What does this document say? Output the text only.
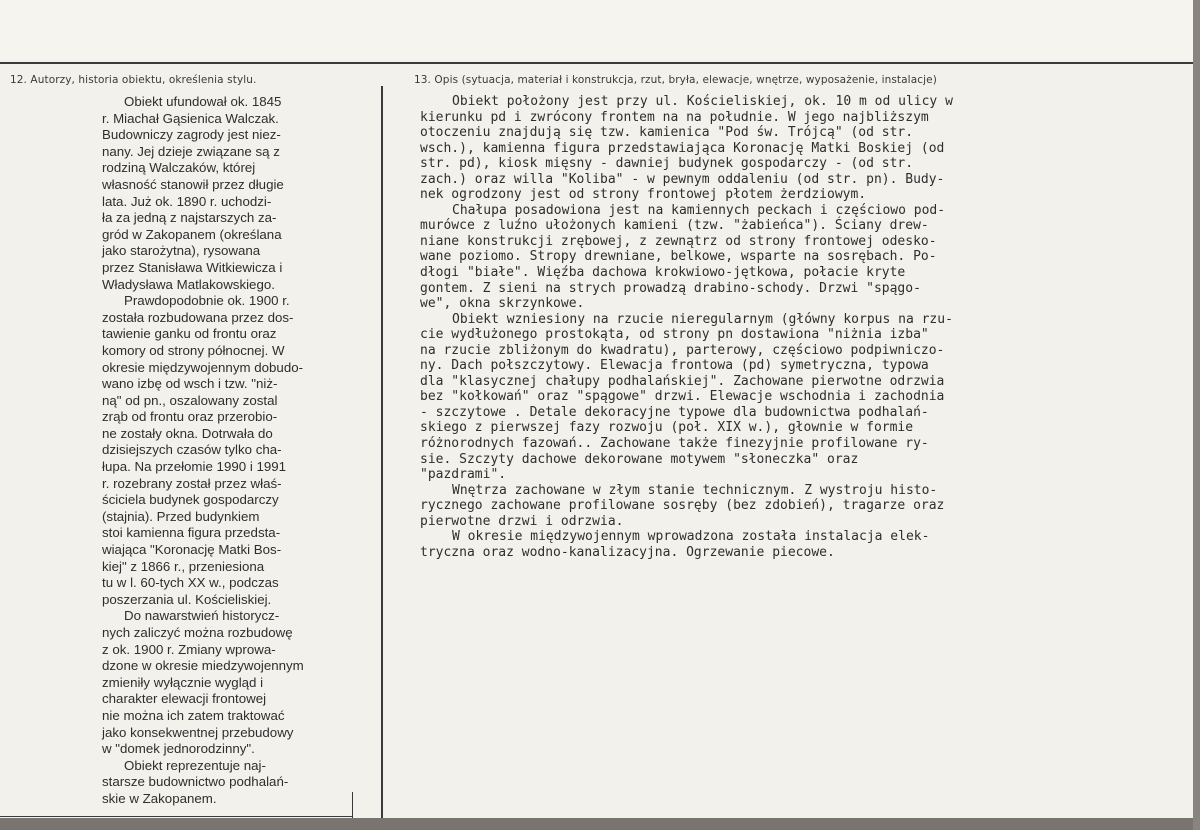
12. Autorzy, historia obiektu, określenia stylu.	13. Opis (sytuacja, materiał i konstrukcja, rzut, bryła, elewacje, wnętrze, wyposażenie, instalacje)

Obiekt ufundował ok. 1845
r. Miachał Gąsienica Walczak.
Budowniczy zagrody jest niez-
nany. Jej dzieje związane są z
rodziną Walczaków, której
własność stanowił przez długie
lata. Już ok. 1890 r. uchodzi-
ła za jedną z najstarszych za-
gród w Zakopanem (określana
jako starożytna), rysowana
przez Stanisława Witkiewicza i
Władysława Matlakowskiego.

Prawdopodobnie ok. 1900 r.
została rozbudowana przez dos-
tawienie ganku od frontu oraz
komory od strony północnej. W
okresie międzywojennym dobudo-
wano izbę od wsch i tzw. "niż-
ną" od pn., oszalowany zostal
zrąb od frontu oraz przerobio-
ne zostały okna. Dotrwała do
dzisiejszych czasów tylko cha-
łupa. Na przełomie 1990 i 1991
r. rozebrany został przez właś-
ściciela budynek gospodarczy
(stajnia). Przed budynkiem
stoi kamienna figura przedsta-
wiająca "Koronację Matki Bos-
kiej" z 1866 r., przeniesiona
tu w l. 60-tych XX w., podczas
poszerzania ul. Kościeliskiej.

Do nawarstwień historycz-
nych zaliczyć można rozbudowę
z ok. 1900 r. Zmiany wprowa-
dzone w okresie miedzywojennym
zmieniły wyłącznie wygląd i
charakter elewacji frontowej
nie można ich zatem traktować
jako konsekwentnej przebudowy
w "domek jednorodzinny".

Obiekt reprezentuje naj-
starsze budownictwo podhalań-
skie w Zakopanem.

Obiekt położony jest przy ul. Kościeliskiej, ok. 10 m od ulicy w
kierunku pd i zwrócony frontem na na południe. W jego najbliższym
otoczeniu znajdują się tzw. kamienica "Pod św. Trójcą" (od str.
wsch.), kamienna figura przedstawiająca Koronację Matki Boskiej (od
str. pd), kiosk mięsny - dawniej budynek gospodarczy - (od str.
zach.) oraz willa "Koliba" - w pewnym oddaleniu (od str. pn). Budy-
nek ogrodzony jest od strony frontowej płotem żerdziowym.

Chałupa posadowiona jest na kamiennych peckach i częściowo pod-
murówce z luźno ułożonych kamieni (tzw. "żabieńca"). Ściany drew-
niane konstrukcji zrębowej, z zewnątrz od strony frontowej odesko-
wane poziomo. Stropy drewniane, belkowe, wsparte na sosrębach. Po-
dłogi "białe". Więźba dachowa krokwiowo-jętkowa, połacie kryte
gontem. Z sieni na strych prowadzą drabino-schody. Drzwi "spągo-
we", okna skrzynkowe.

Obiekt wzniesiony na rzucie nieregularnym (główny korpus na rzu-
cie wydłużonego prostokąta, od strony pn dostawiona "niżnia izba"
na rzucie zbliżonym do kwadratu), parterowy, częściowo podpiwniczo-
ny. Dach połszczytowy. Elewacja frontowa (pd) symetryczna, typowa
dla "klasycznej chałupy podhalańskiej". Zachowane pierwotne odrzwia
bez "kołkowań" oraz "spągowe" drzwi. Elewacje wschodnia i zachodnia
- szczytowe . Detale dekoracyjne typowe dla budownictwa podhalań-
skiego z pierwszej fazy rozwoju (poł. XIX w.), głownie w formie
różnorodnych fazowań.. Zachowane także finezyjnie profilowane ry-
sie. Szczyty dachowe dekorowane motywem "słoneczka" oraz
"pazdrami".

Wnętrza zachowane w złym stanie technicznym. Z wystroju histo-
rycznego zachowane profilowane sosręby (bez zdobień), tragarze oraz
pierwotne drzwi i odrzwia.

W okresie międzywojennym wprowadzona została instalacja elek-
tryczna oraz wodno-kanalizacyjna. Ogrzewanie piecowe.
